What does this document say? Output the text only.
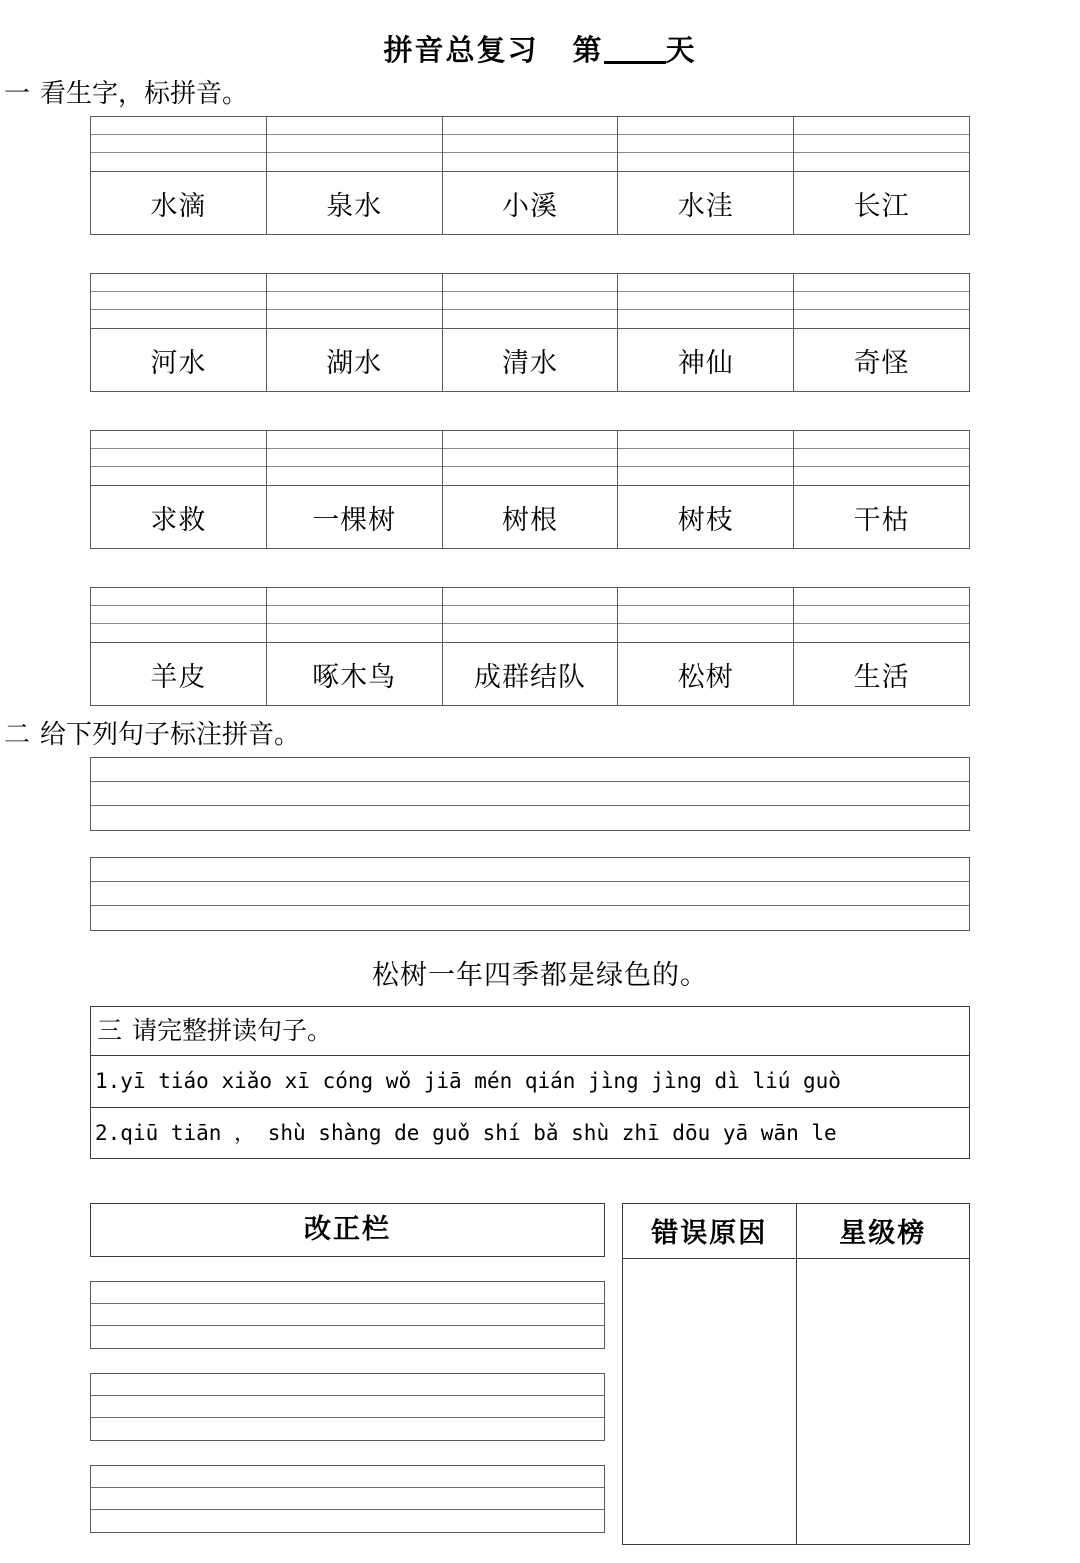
拼音总复习 第 天
一 看生字，标拼音。

水滴	泉水	小溪	水洼	长江

河水	湖水	清水	神仙	奇怪

求救	一棵树	树根	树枝	干枯

羊皮	啄木鸟	成群结队	松树	生活
二 给下列句子标注拼音。
松树一年四季都是绿色的。
三 请完整拼读句子。
1.yī tiáo xiǎo xī cóng wǒ jiā mén qián jìng jìng dì liú guò
2.qiū tiān ， shù shàng de guǒ shí bǎ shù zhī dōu yā wān le
改正栏	错误原因	星级榜
